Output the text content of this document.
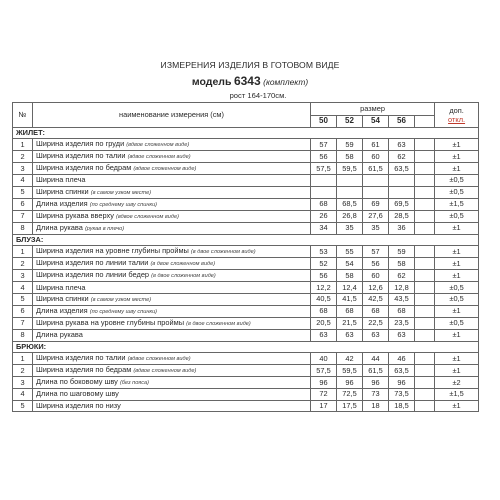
ИЗМЕРЕНИЯ ИЗДЕЛИЯ В ГОТОВОМ ВИДЕ
модель 6343 (комплект)
рост 164-170см.
№	наименование измерения (см)	размер					доп.
откл.

		50	52	54	56		
ЖИЛЕТ:							
1	Ширина изделия по груди (вдвое сложенном виде)	57	59	61	63		±1
2	Ширина изделия по талии (вдвое сложенном виде)	56	58	60	62		±1
3	Ширина изделия по бедрам (вдвое сложенном виде)	57,5	59,5	61,5	63,5		±1
4	Ширина плеча						±0,5
5	Ширина спинки (в самом узком месте)						±0,5
6	Длина изделия (по среднему шву спинки)	68	68,5	69	69,5		±1,5
7	Ширина рукава вверху (вдвое сложенном виде)	26	26,8	27,6	28,5		±0,5
8	Длина рукава (рукав в плечо)	34	35	35	36		±1
БЛУЗА:							
1	Ширина изделия на уровне глубины проймы (в двое сложенном виде)	53	55	57	59		±1
2	Ширина изделия по линии талии (в двое сложенном виде)	52	54	56	58		±1
3	Ширина изделия по линии бедер (в двое сложенном виде)	56	58	60	62		±1
4	Ширина плеча	12,2	12,4	12,6	12,8		±0,5
5	Ширина спинки (в самом узком месте)	40,5	41,5	42,5	43,5		±0,5
6	Длина изделия (по среднему шву спинки)	68	68	68	68		±1
7	Ширина рукава на уровне глубины проймы (в двое сложенном виде)	20,5	21,5	22,5	23,5		±0,5
8	Длина рукава	63	63	63	63		±1
БРЮКИ:							
1	Ширина изделия по талии (вдвое сложенном виде)	40	42	44	46		±1
2	Ширина изделия по бедрам (вдвое сложенном виде)	57,5	59,5	61,5	63,5		±1
3	Длина по боковому шву (без пояса)	96	96	96	96		±2
4	Длина по шаговому шву	72	72,5	73	73,5		±1,5
5	Ширина изделия по низу	17	17,5	18	18,5		±1
